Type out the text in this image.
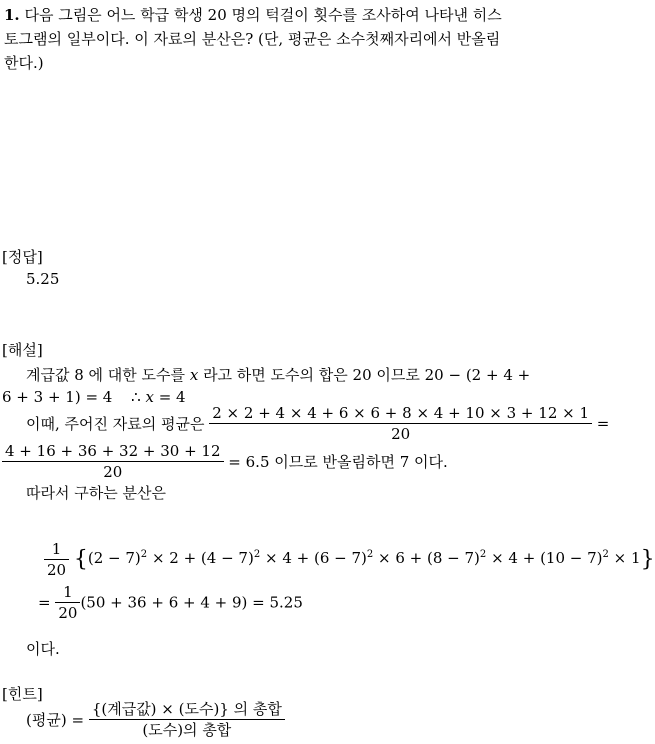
1. 다음 그림은 어느 학급 학생 20 명의 턱걸이 횟수를 조사하여 나타낸 히스
토그램의 일부이다. 이 자료의 분산은? (단, 평균은 소수첫째자리에서 반올림
한다.)
[정답]
5.25
[해설]
계급값 8 에 대한 도수를 x 라고 하면 도수의 합은 20 이므로 20 − (2 + 4 +
6 + 3 + 1) = 4 ∴ x = 4
이때, 주어진 자료의 평균은 $\frac{2 \times 2 + 4 \times 4 + 6 \times 6 + 8 \times 4 + 10 \times 3 + 12 \times 1}{20}$ =
$\frac{4 + 16 + 36 + 32 + 30 + 12}{20} = 6.5$ 이므로 반올림하면 7 이다.
따라서 구하는 분산은
$\frac{1}{20} \{(2 - 7)^2 \times 2 + (4 - 7)^2 \times 4 + (6 - 7)^2 \times 6 + (8 - 7)^2 \times 4 + (10 - 7)^2 \times 1\}$
= $\frac{1}{20} (50 + 36 + 6 + 4 + 9) = 5.25$
이다.
[힌트]
(평균) = $\frac{\text{\{(계급값) × (도수)\} 의 총합}}{\text{(도수)의 총합}}$
